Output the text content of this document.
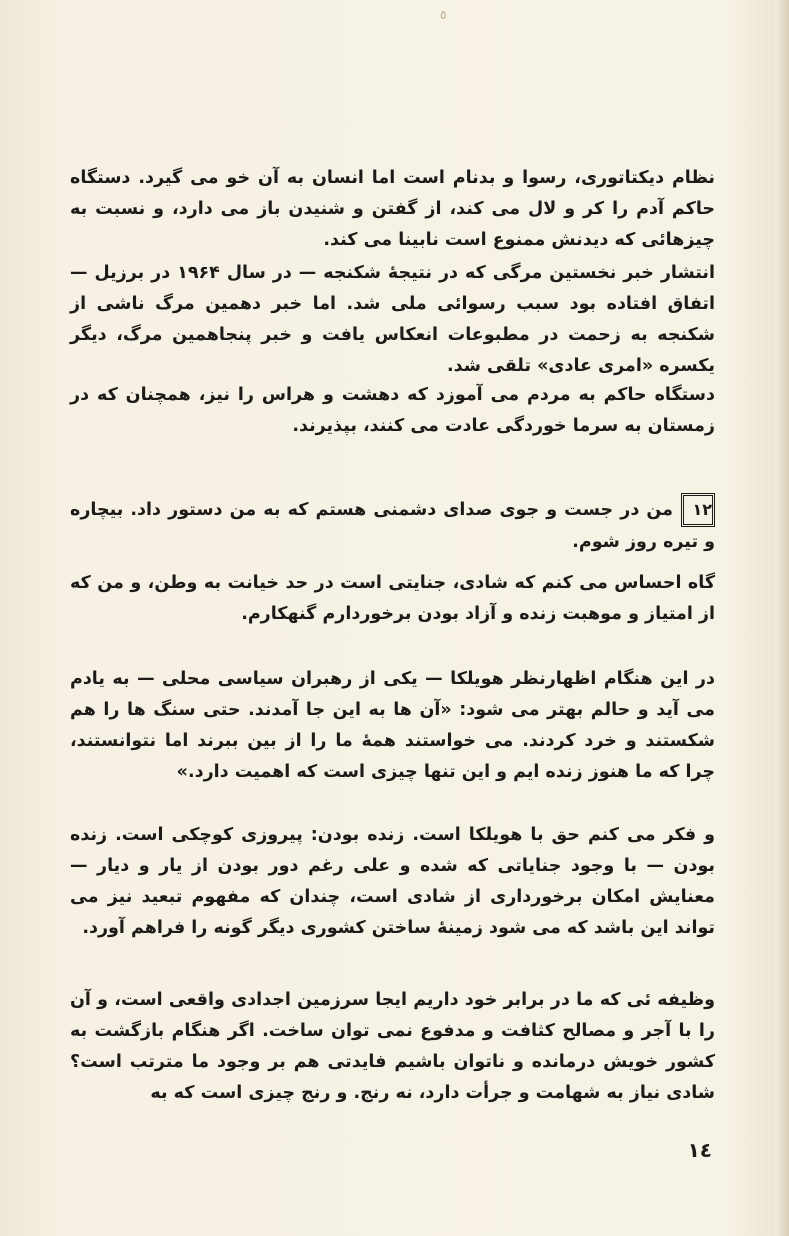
٥

نظام دیکتاتوری، رسوا و بدنام است اما انسان به آن خو می گیرد. دستگاه حاکم آدم را کر و لال می کند، از گفتن و شنیدن باز می دارد، و نسبت به چیزهائی که دیدنش ممنوع است نابینا می کند.

انتشار خبر نخستین مرگی که در نتیجهٔ شکنجه — در سال ۱۹۶۴ در برزیل — اتفاق افتاده بود سبب رسوائی ملی شد. اما خبر دهمین مرگ ناشی از شکنجه به زحمت در مطبوعات انعکاس یافت و خبر پنجاهمین مرگ، دیگر یکسره «امری عادی» تلقی شد.

دستگاه حاکم به مردم می آموزد که دهشت و هراس را نیز، همچنان که در زمستان به سرما خوردگی عادت می کنند، بپذیرند.

۱۲من در جست و جوی صدای دشمنی هستم که به من دستور داد. بیچاره و تیره روز شوم.

گاه احساس می کنم که شادی، جنایتی است در حد خیانت به وطن، و من که از امتیاز و موهبت زنده و آزاد بودن برخوردارم گنهکارم.

در این هنگام اظهارنظر هویلکا — یکی از رهبران سیاسی محلی — به یادم می آید و حالم بهتر می شود: «آن ها به این جا آمدند. حتی سنگ ها را هم شکستند و خرد کردند. می خواستند همهٔ ما را از بین ببرند اما نتوانستند، چرا که ما هنوز زنده ایم و این تنها چیزی است که اهمیت دارد.»

و فکر می کنم حق با هویلکا است. زنده بودن: پیروزی کوچکی است. زنده بودن — با وجود جنایاتی که شده و علی رغم دور بودن از یار و دیار — معنایش امکان برخورداری از شادی است، چندان که مفهوم تبعید نیز می تواند این باشد که می شود زمینهٔ ساختن کشوری دیگر گونه را فراهم آورد.

وظیفه ئی که ما در برابر خود داریم ایجا سرزمین اجدادی واقعی است، و آن را با آجر و مصالح کثافت و مدفوع نمی توان ساخت. اگر هنگام بازگشت به کشور خویش درمانده و ناتوان باشیم فایدتی هم بر وجود ما مترتب است؟ شادی نیاز به شهامت و جرأت دارد، نه رنج. و رنج چیزی است که به

۱٤
